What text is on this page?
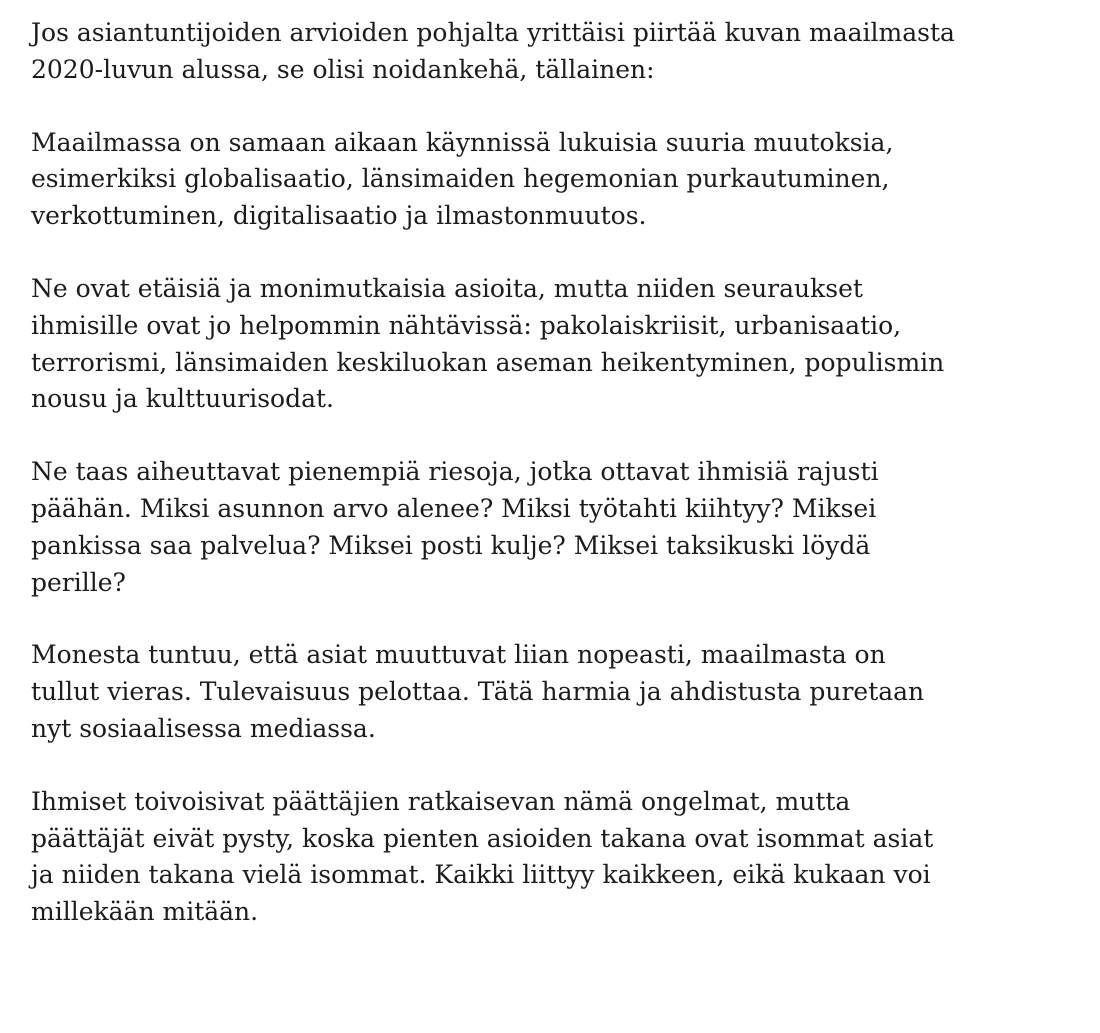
Jos asiantuntijoiden arvioiden pohjalta yrittäisi piirtää kuvan maailmasta
2020-luvun alussa, se olisi noidankehä, tällainen:

Maailmassa on samaan aikaan käynnissä lukuisia suuria muutoksia,
esimerkiksi globalisaatio, länsimaiden hegemonian purkautuminen,
verkottuminen, digitalisaatio ja ilmastonmuutos.

Ne ovat etäisiä ja monimutkaisia asioita, mutta niiden seuraukset
ihmisille ovat jo helpommin nähtävissä: pakolaiskriisit, urbanisaatio,
terrorismi, länsimaiden keskiluokan aseman heikentyminen, populismin
nousu ja kulttuurisodat.

Ne taas aiheuttavat pienempiä riesoja, jotka ottavat ihmisiä rajusti
päähän. Miksi asunnon arvo alenee? Miksi työtahti kiihtyy? Miksei
pankissa saa palvelua? Miksei posti kulje? Miksei taksikuski löydä
perille?

Monesta tuntuu, että asiat muuttuvat liian nopeasti, maailmasta on
tullut vieras. Tulevaisuus pelottaa. Tätä harmia ja ahdistusta puretaan
nyt sosiaalisessa mediassa.

Ihmiset toivoisivat päättäjien ratkaisevan nämä ongelmat, mutta
päättäjät eivät pysty, koska pienten asioiden takana ovat isommat asiat
ja niiden takana vielä isommat. Kaikki liittyy kaikkeen, eikä kukaan voi
millekään mitään.
